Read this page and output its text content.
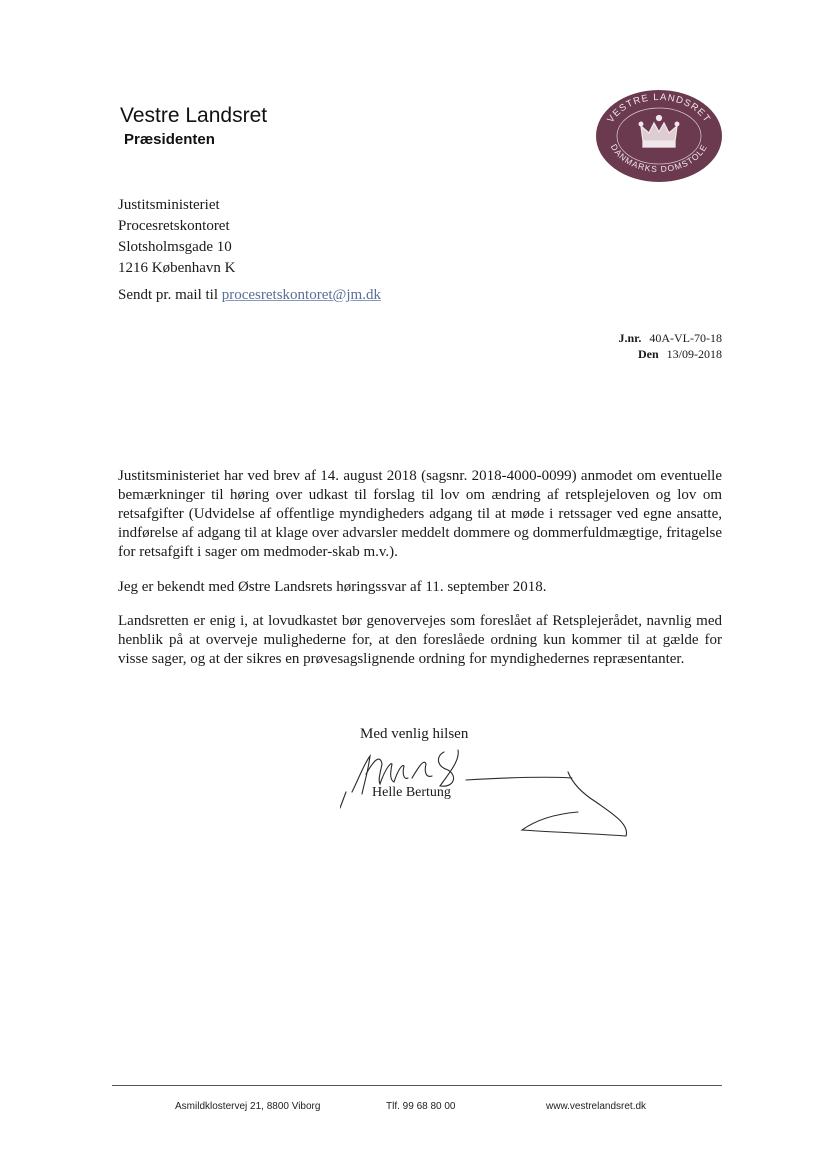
Vestre Landsret
Præsidenten
VESTRE LANDSRET
DANMARKS DOMSTOLE
Justitsministeriet
Procesretskontoret
Slotsholmsgade 10
1216 København K
Sendt pr. mail til procesretskontoret@jm.dk
J.nr. 40A-VL-70-18
Den 13/09-2018
Justitsministeriet har ved brev af 14. august 2018 (sagsnr. 2018-4000-0099) anmodet om eventuelle bemærkninger til høring over udkast til forslag til lov om ændring af retsplejeloven og lov om retsafgifter (Udvidelse af offentlige myndigheders adgang til at møde i retssager ved egne ansatte, indførelse af adgang til at klage over advarsler meddelt dommere og dommerfuldmægtige, fritagelse for retsafgift i sager om medmoder-skab m.v.).
Jeg er bekendt med Østre Landsrets høringssvar af 11. september 2018.
Landsretten er enig i, at lovudkastet bør genovervejes som foreslået af Retsplejerådet, navnlig med henblik på at overveje mulighederne for, at den foreslåede ordning kun kommer til at gælde for visse sager, og at der sikres en prøvesagslignende ordning for myndighedernes repræsentanter.
Med venlig hilsen
Helle Bertung
Asmildklostervej 21, 8800 Viborg	Tlf. 99 68 80 00	www.vestrelandsret.dk
